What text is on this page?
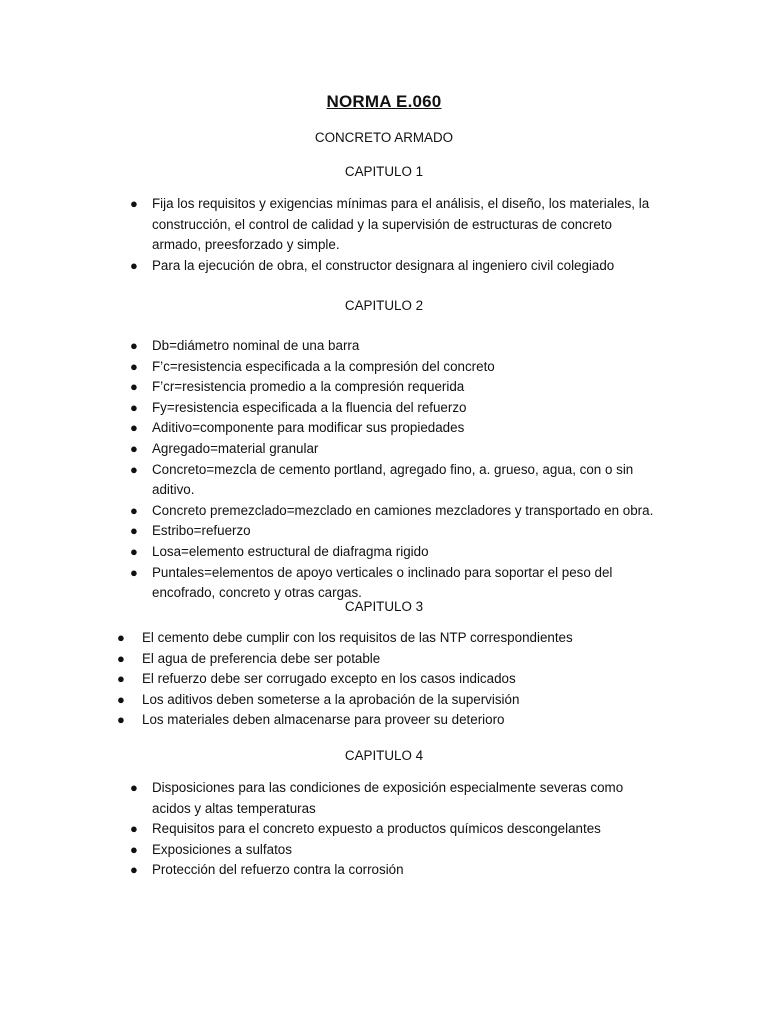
NORMA E.060
CONCRETO ARMADO
CAPITULO 1
● Fija los requisitos y exigencias mínimas para el análisis, el diseño, los materiales, la construcción, el control de calidad y la supervisión de estructuras de concreto armado, preesforzado y simple.
● Para la ejecución de obra, el constructor designara al ingeniero civil colegiado
CAPITULO 2
● Db=diámetro nominal de una barra
● F’c=resistencia especificada a la compresión del concreto
● F’cr=resistencia promedio a la compresión requerida
● Fy=resistencia especificada a la fluencia del refuerzo
● Aditivo=componente para modificar sus propiedades
● Agregado=material granular
● Concreto=mezcla de cemento portland, agregado fino, a. grueso, agua, con o sin aditivo.
● Concreto premezclado=mezclado en camiones mezcladores y transportado en obra.
● Estribo=refuerzo
● Losa=elemento estructural de diafragma rigido
● Puntales=elementos de apoyo verticales o inclinado para soportar el peso del encofrado, concreto y otras cargas.
CAPITULO 3
● El cemento debe cumplir con los requisitos de las NTP correspondientes
● El agua de preferencia debe ser potable
● El refuerzo debe ser corrugado excepto en los casos indicados
● Los aditivos deben someterse a la aprobación de la supervisión
● Los materiales deben almacenarse para proveer su deterioro
CAPITULO 4
● Disposiciones para las condiciones de exposición especialmente severas como acidos y altas temperaturas
● Requisitos para el concreto expuesto a productos químicos descongelantes
● Exposiciones a sulfatos
● Protección del refuerzo contra la corrosión
